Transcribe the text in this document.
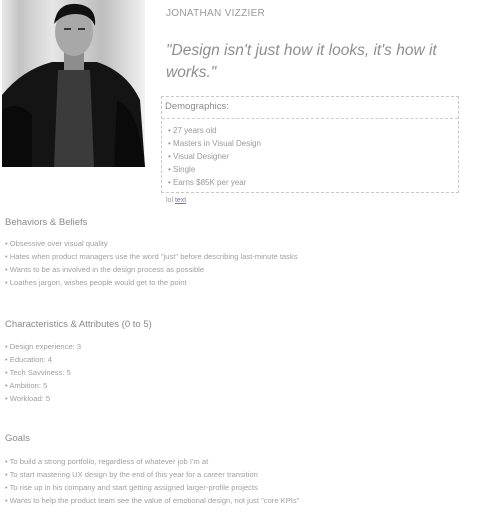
JONATHAN VIZZIER
"Design isn't just how it looks, it's how it works."
Demographics:
• 27 years old
• Masters in Visual Design
• Visual Designer
• Single
• Earns $85K per year
lol text
Behaviors & Beliefs
• Obsessive over visual quality
• Hates when product managers use the word "just" before describing last-minute tasks
• Wants to be as involved in the design process as possible
• Loathes jargon, wishes people would get to the point
Characteristics & Attributes (0 to 5)
• Design experience: 3
• Education: 4
• Tech Savviness: 5
• Ambition: 5
• Workload: 5
Goals
• To build a strong portfolio, regardless of whatever job I'm at
• To start mastering UX design by the end of this year for a career transition
• To rise up in his company and start getting assigned larger-profile projects
• Wants to help the product team see the value of emotional design, not just "core KPIs"
